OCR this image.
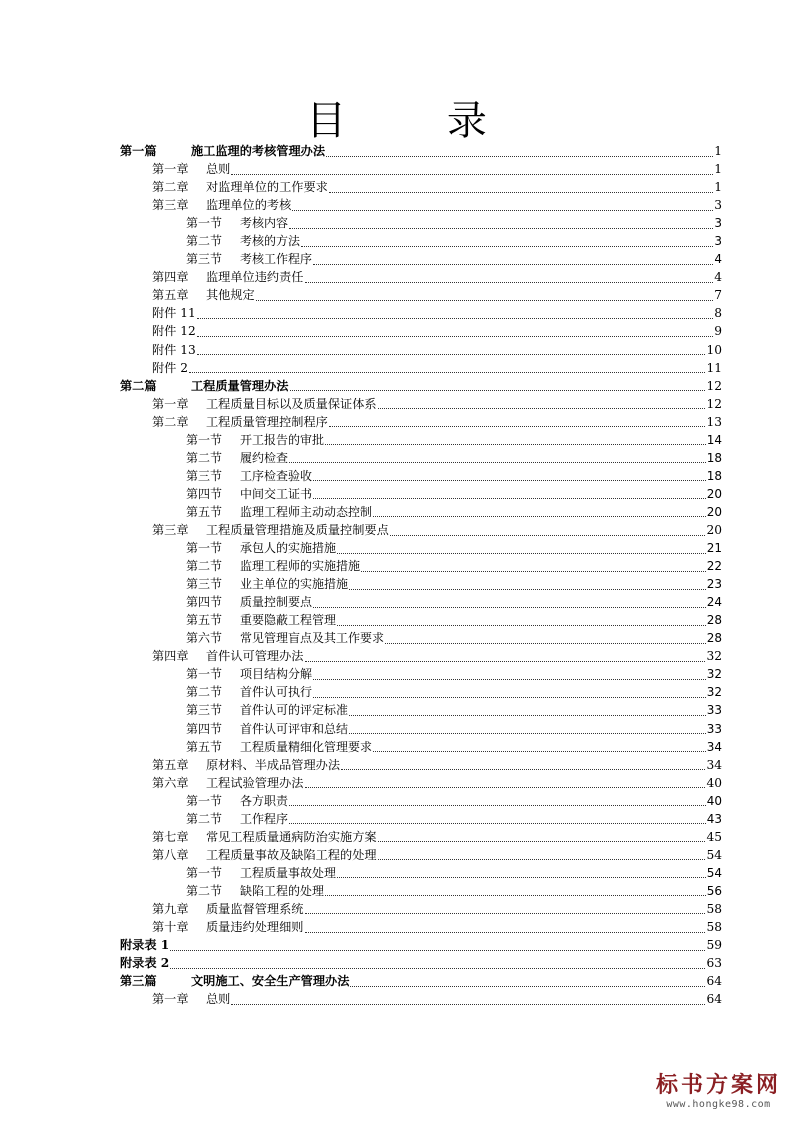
目 录
第一篇	施工监理的考核管理办法	1
第一章	总则	1
第二章	对监理单位的工作要求	1
第三章	监理单位的考核	3
第一节	考核内容	3
第二节	考核的方法	3
第三节	考核工作程序	4
第四章	监理单位违约责任	4
第五章	其他规定	7
附件 11	8
附件 12	9
附件 13	10
附件 2	11
第二篇	工程质量管理办法	12
第一章	工程质量目标以及质量保证体系	12
第二章	工程质量管理控制程序	13
第一节	开工报告的审批	14
第二节	履约检查	18
第三节	工序检查验收	18
第四节	中间交工证书	20
第五节	监理工程师主动动态控制	20
第三章	工程质量管理措施及质量控制要点	20
第一节	承包人的实施措施	21
第二节	监理工程师的实施措施	22
第三节	业主单位的实施措施	23
第四节	质量控制要点	24
第五节	重要隐蔽工程管理	28
第六节	常见管理盲点及其工作要求	28
第四章	首件认可管理办法	32
第一节	项目结构分解	32
第二节	首件认可执行	32
第三节	首件认可的评定标准	33
第四节	首件认可评审和总结	33
第五节	工程质量精细化管理要求	34
第五章	原材料、半成品管理办法	34
第六章	工程试验管理办法	40
第一节	各方职责	40
第二节	工作程序	43
第七章	常见工程质量通病防治实施方案	45
第八章	工程质量事故及缺陷工程的处理	54
第一节	工程质量事故处理	54
第二节	缺陷工程的处理	56
第九章	质量监督管理系统	58
第十章	质量违约处理细则	58
附录表 1	59
附录表 2	63
第三篇	文明施工、安全生产管理办法	64
第一章	总则	64
标书方案网
www.hongke98.com
